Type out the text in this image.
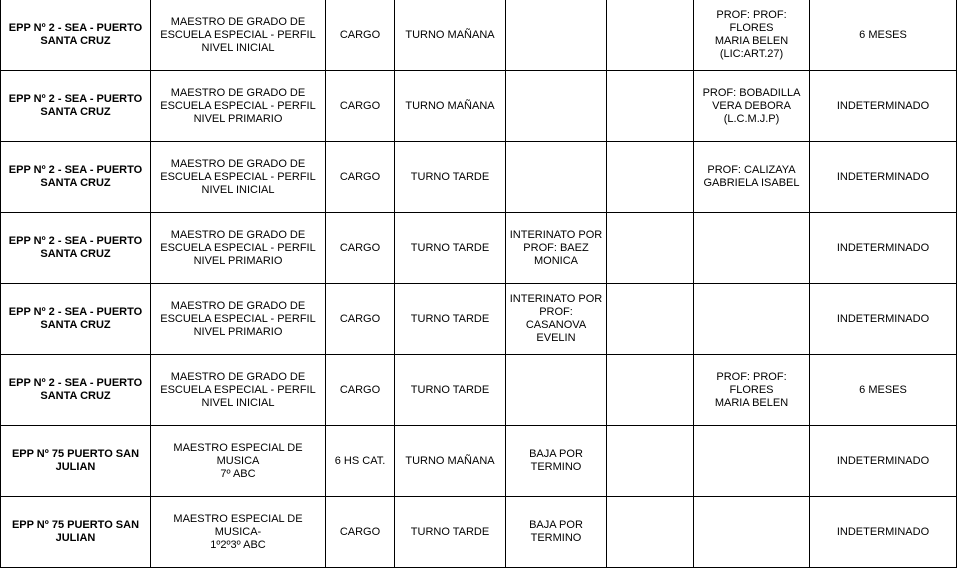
EPP Nº 2 - SEA - PUERTO
SANTA CRUZ	MAESTRO DE GRADO DE
ESCUELA ESPECIAL - PERFIL
NIVEL INICIAL	CARGO	TURNO MAÑANA			PROF: PROF: FLORES
MARIA BELEN
(LIC:ART.27)	6 MESES
EPP Nº 2 - SEA - PUERTO
SANTA CRUZ	MAESTRO DE GRADO DE
ESCUELA ESPECIAL - PERFIL
NIVEL PRIMARIO	CARGO	TURNO MAÑANA			PROF: BOBADILLA
VERA DEBORA
(L.C.M.J.P)	INDETERMINADO
EPP Nº 2 - SEA - PUERTO
SANTA CRUZ	MAESTRO DE GRADO DE
ESCUELA ESPECIAL - PERFIL
NIVEL INICIAL	CARGO	TURNO TARDE			PROF: CALIZAYA
GABRIELA ISABEL	INDETERMINADO
EPP Nº 2 - SEA - PUERTO
SANTA CRUZ	MAESTRO DE GRADO DE
ESCUELA ESPECIAL - PERFIL
NIVEL PRIMARIO	CARGO	TURNO TARDE	INTERINATO POR
PROF: BAEZ
MONICA			INDETERMINADO
EPP Nº 2 - SEA - PUERTO
SANTA CRUZ	MAESTRO DE GRADO DE
ESCUELA ESPECIAL - PERFIL
NIVEL PRIMARIO	CARGO	TURNO TARDE	INTERINATO POR
PROF: CASANOVA
EVELIN			INDETERMINADO
EPP Nº 2 - SEA - PUERTO
SANTA CRUZ	MAESTRO DE GRADO DE
ESCUELA ESPECIAL - PERFIL
NIVEL INICIAL	CARGO	TURNO TARDE			PROF: PROF: FLORES
MARIA BELEN	6 MESES
EPP Nº 75 PUERTO SAN
JULIAN	MAESTRO ESPECIAL DE MUSICA
7º ABC	6 HS CAT.	TURNO MAÑANA	BAJA POR
TERMINO			INDETERMINADO
EPP Nº 75 PUERTO SAN
JULIAN	MAESTRO ESPECIAL DE MUSICA-
1º2º3º ABC	CARGO	TURNO TARDE	BAJA POR
TERMINO			INDETERMINADO
